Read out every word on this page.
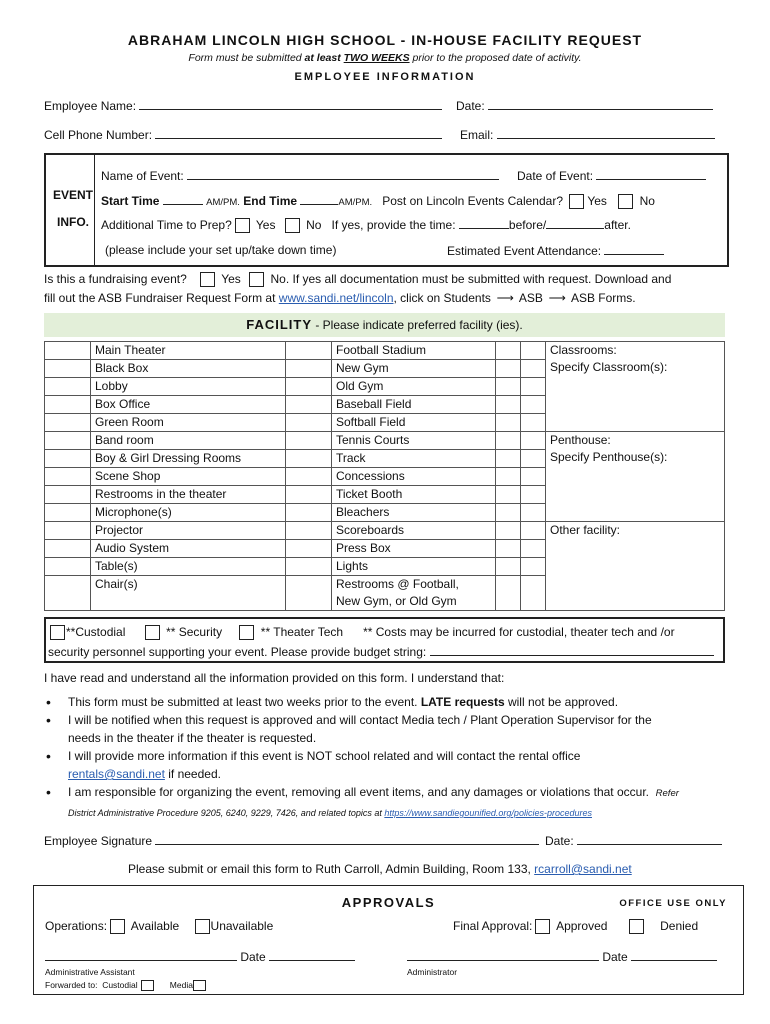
ABRAHAM LINCOLN HIGH SCHOOL - IN-HOUSE FACILITY REQUEST
Form must be submitted at least TWO WEEKS prior to the proposed date of activity.
EMPLOYEE INFORMATION
Employee Name:	Date:
Cell Phone Number:	Email:
EVENT
INFO.
Name of Event:	Date of Event:
Start Time	AM/PM. End Time	AM/PM. Post on Lincoln Events Calendar? Yes	No
Additional Time to Prep? Yes	No If yes, provide the time:	before/	after.
(please include your set up/take down time)	Estimated Event Attendance:
Is this a fundraising event?	Yes No. If yes all documentation must be submitted with request. Download and
fill out the ASB Fundraiser Request Form at www.sandi.net/lincoln, click on Students ⟶ ASB ⟶ ASB Forms.
FACILITY - Please indicate preferred facility (ies).
	Main Theater		Football Stadium			Classrooms:
Specify Classroom(s):

	Black Box		New Gym			
	Lobby		Old Gym			
	Box Office		Baseball Field			
	Green Room		Softball Field			
	Band room		Tennis Courts			Penthouse:
Specify Penthouse(s):

	Boy & Girl Dressing Rooms		Track			
	Scene Shop		Concessions			
	Restrooms in the theater		Ticket Booth			
	Microphone(s)		Bleachers			
	Projector		Scoreboards			Other facility:

	Audio System		Press Box			
	Table(s)		Lights			
	Chair(s)		Restrooms @ Football,
New Gym, or Old Gym			

**Custodial	** Security	** Theater Tech ** Costs may be incurred for custodial, theater tech and /or
security personnel supporting your event. Please provide budget string:
I have read and understand all the information provided on this form. I understand that:
• This form must be submitted at least two weeks prior to the event. LATE requests will not be approved.
• I will be notified when this request is approved and will contact Media tech / Plant Operation Supervisor for the
needs in the theater if the theater is requested.
• I will provide more information if this event is NOT school related and will contact the rental office
rentals@sandi.net if needed.
• I am responsible for organizing the event, removing all event items, and any damages or violations that occur. Refer
District Administrative Procedure 9205, 6240, 9229, 7426, and related topics at https://www.sandiegounified.org/policies-procedures
Employee Signature	Date:
Please submit or email this form to Ruth Carroll, Admin Building, Room 133, rcarroll@sandi.net
APPROVALS	OFFICE USE ONLY
Operations: Available	Unavailable	Final Approval: Approved	Denied
Date	Date
Administrative Assistant	Administrator
Forwarded to: Custodial	Media
